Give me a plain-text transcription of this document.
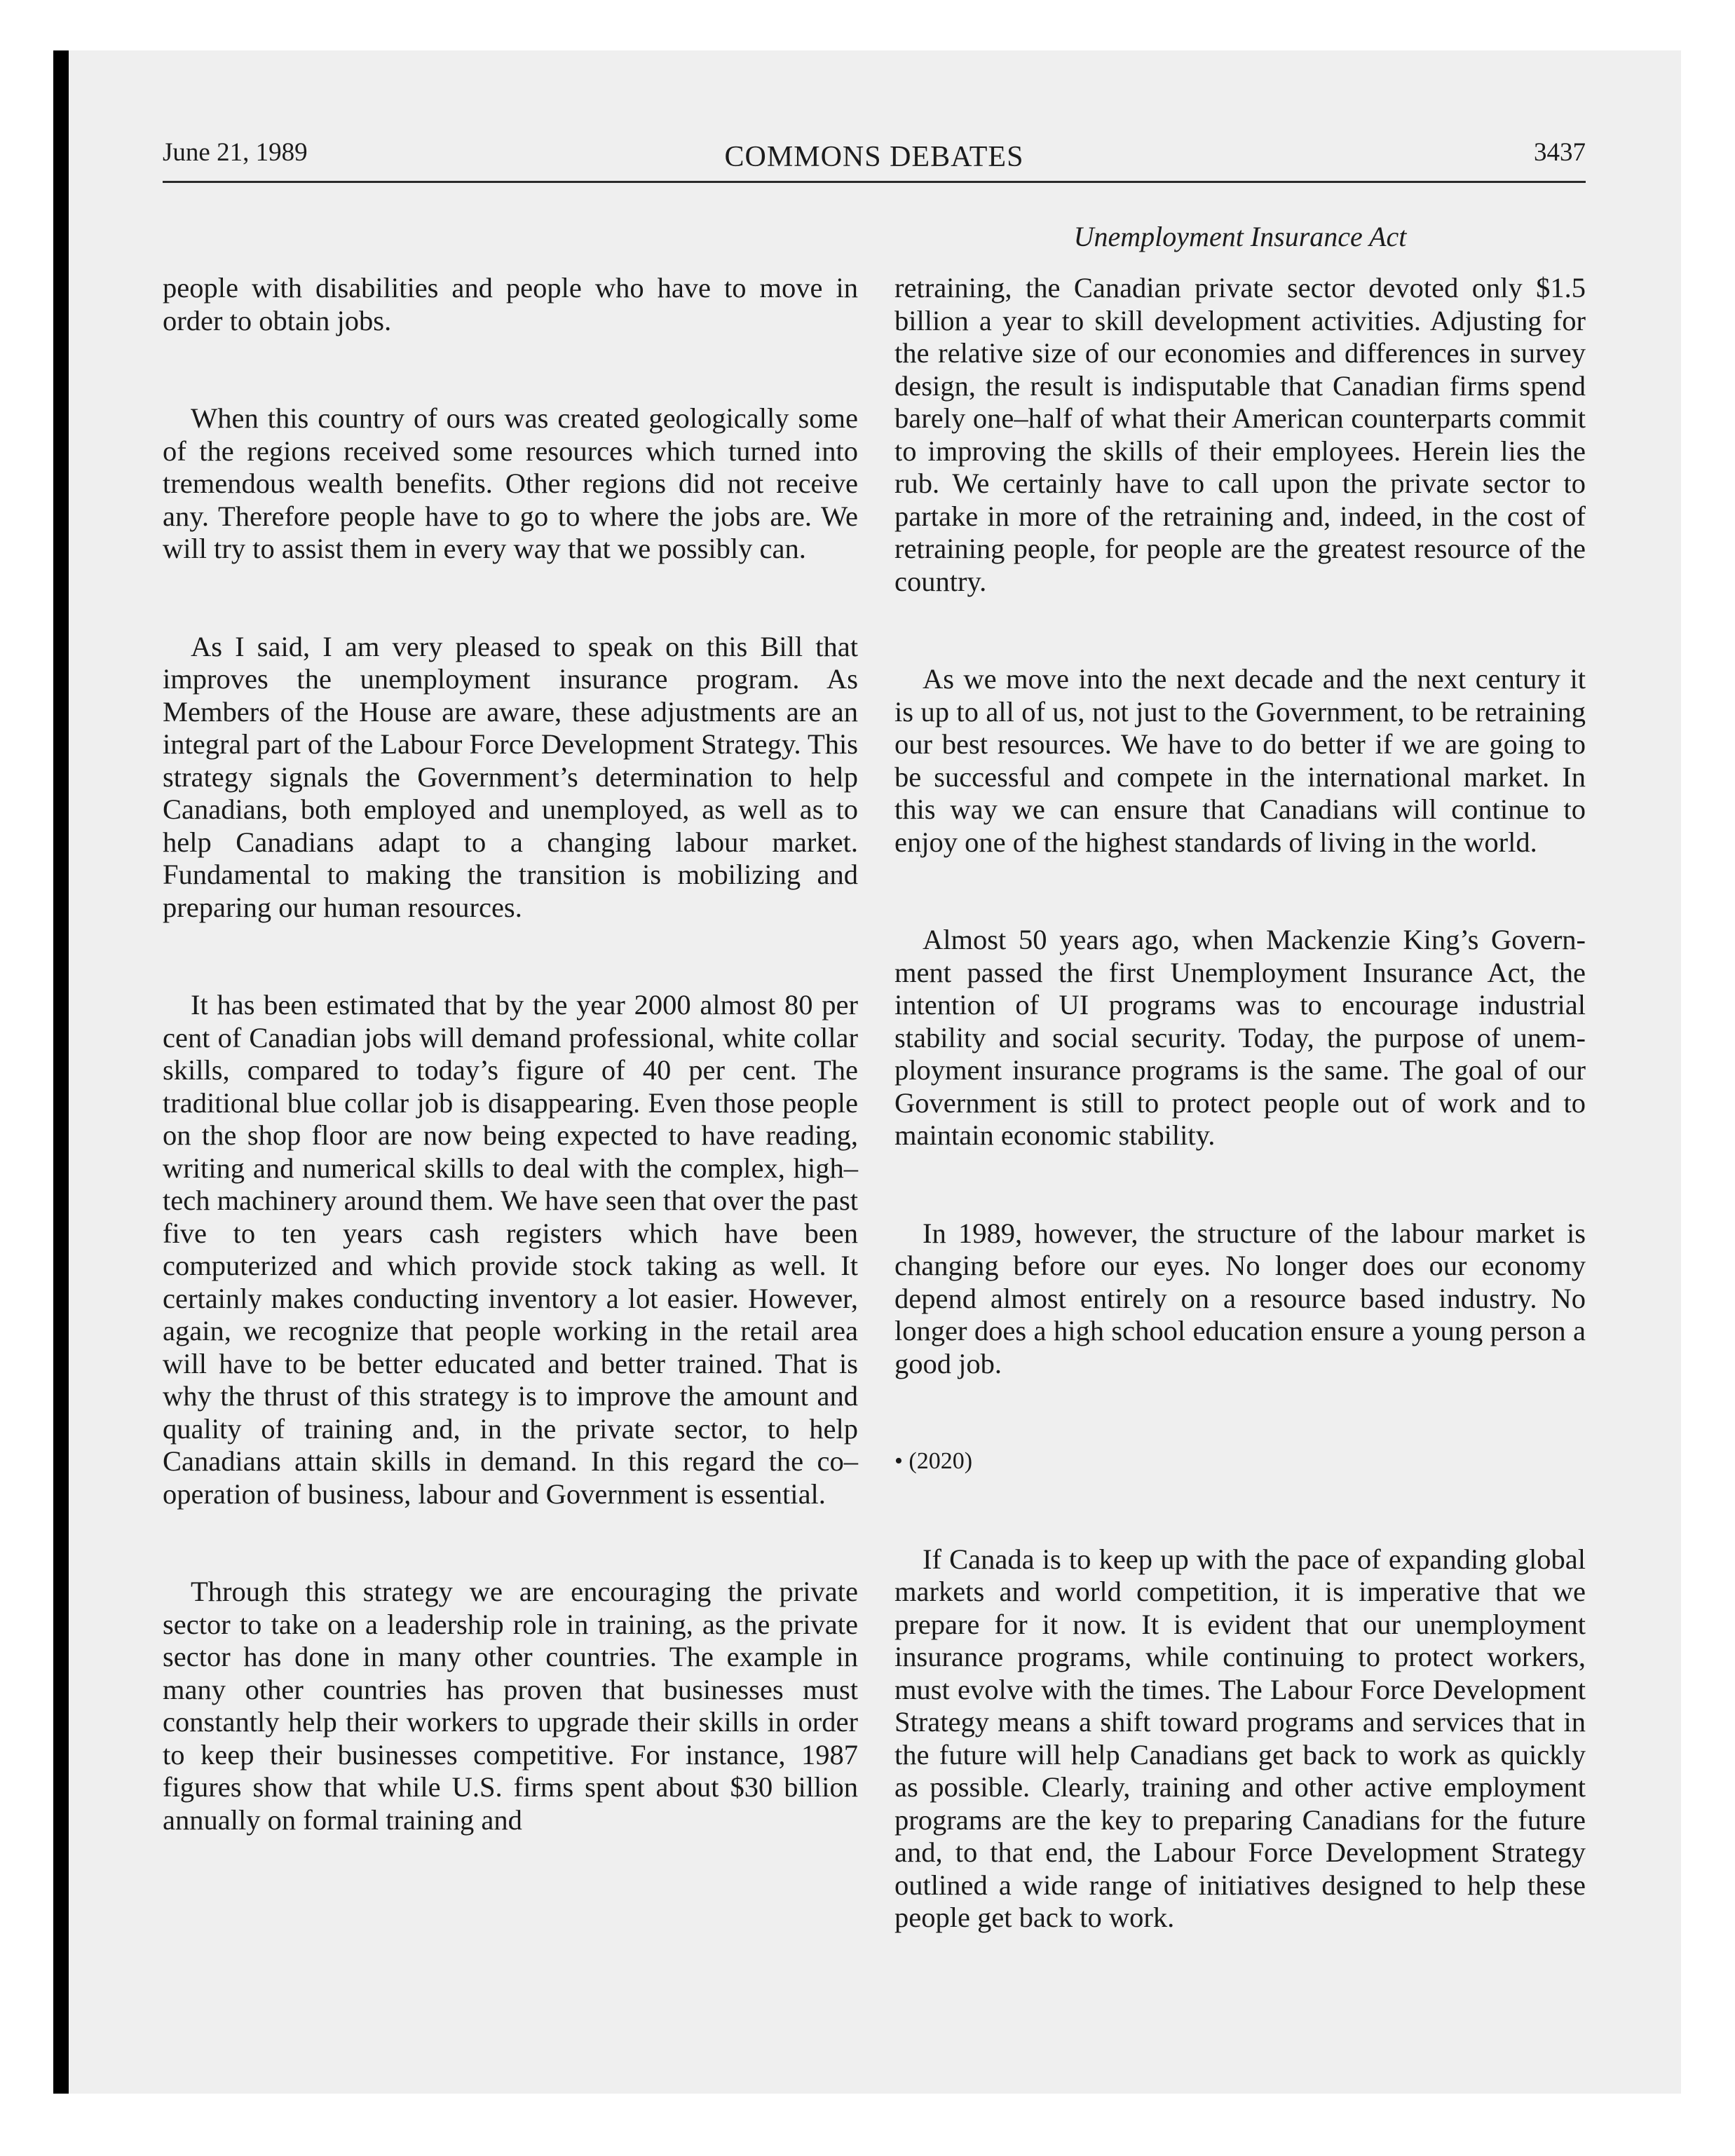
June 21, 1989	COMMONS DEBATES	3437
Unemployment Insurance Act

people with disabilities and people who have to move in order to obtain jobs.

When this country of ours was created geologically some of the regions received some resources which turned into tremendous wealth benefits. Other regions did not receive any. Therefore people have to go to where the jobs are. We will try to assist them in every way that we possibly can.

As I said, I am very pleased to speak on this Bill that improves the unemployment insurance program. As Members of the House are aware, these adjustments are an integral part of the Labour Force Development Strategy. This strategy signals the Government’s determination to help Canadians, both employed and unemployed, as well as to help Canadians adapt to a changing labour market. Fundamental to making the transition is mobilizing and preparing our human resources.

It has been estimated that by the year 2000 almost 80 per cent of Canadian jobs will demand professional, white collar skills, compared to today’s figure of 40 per cent. The traditional blue collar job is disappearing. Even those people on the shop floor are now being expected to have reading, writing and numerical skills to deal with the complex, high–tech machinery around them. We have seen that over the past five to ten years cash registers which have been computerized and which provide stock taking as well. It certainly makes conducting inventory a lot easier. However, again, we recognize that people working in the retail area will have to be better educated and better trained. That is why the thrust of this strategy is to improve the amount and quality of training and, in the private sector, to help Canadians attain skills in demand. In this regard the co–operation of business, labour and Government is essential.

Through this strategy we are encouraging the private sector to take on a leadership role in training, as the private sector has done in many other countries. The example in many other countries has proven that businesses must constantly help their workers to upgrade their skills in order to keep their businesses competitive. For instance, 1987 figures show that while U.S. firms spent about $30 billion annually on formal training and

retraining, the Canadian private sector devoted only $1.5 billion a year to skill development activities. Adjusting for the relative size of our economies and differences in survey design, the result is indisputable that Canadian firms spend barely one–half of what their American counterparts commit to improving the skills of their employees. Herein lies the rub. We certainly have to call upon the private sector to partake in more of the retraining and, indeed, in the cost of retraining people, for people are the greatest resource of the country.

As we move into the next decade and the next century it is up to all of us, not just to the Government, to be retraining our best resources. We have to do better if we are going to be successful and compete in the international market. In this way we can ensure that Canadians will continue to enjoy one of the highest standards of living in the world.

Almost 50 years ago, when Mackenzie King’s Government passed the first Unemployment Insurance Act, the intention of UI programs was to encourage industrial stability and social security. Today, the purpose of unemployment insurance programs is the same. The goal of our Government is still to protect people out of work and to maintain economic stability.

In 1989, however, the structure of the labour market is changing before our eyes. No longer does our economy depend almost entirely on a resource based industry. No longer does a high school education ensure a young person a good job.

• (2020)

If Canada is to keep up with the pace of expanding global markets and world competition, it is imperative that we prepare for it now. It is evident that our unemployment insurance programs, while continuing to protect workers, must evolve with the times. The Labour Force Development Strategy means a shift toward programs and services that in the future will help Canadians get back to work as quickly as possible. Clearly, training and other active employment programs are the key to preparing Canadians for the future and, to that end, the Labour Force Development Strategy outlined a wide range of initiatives designed to help these people get back to work.
